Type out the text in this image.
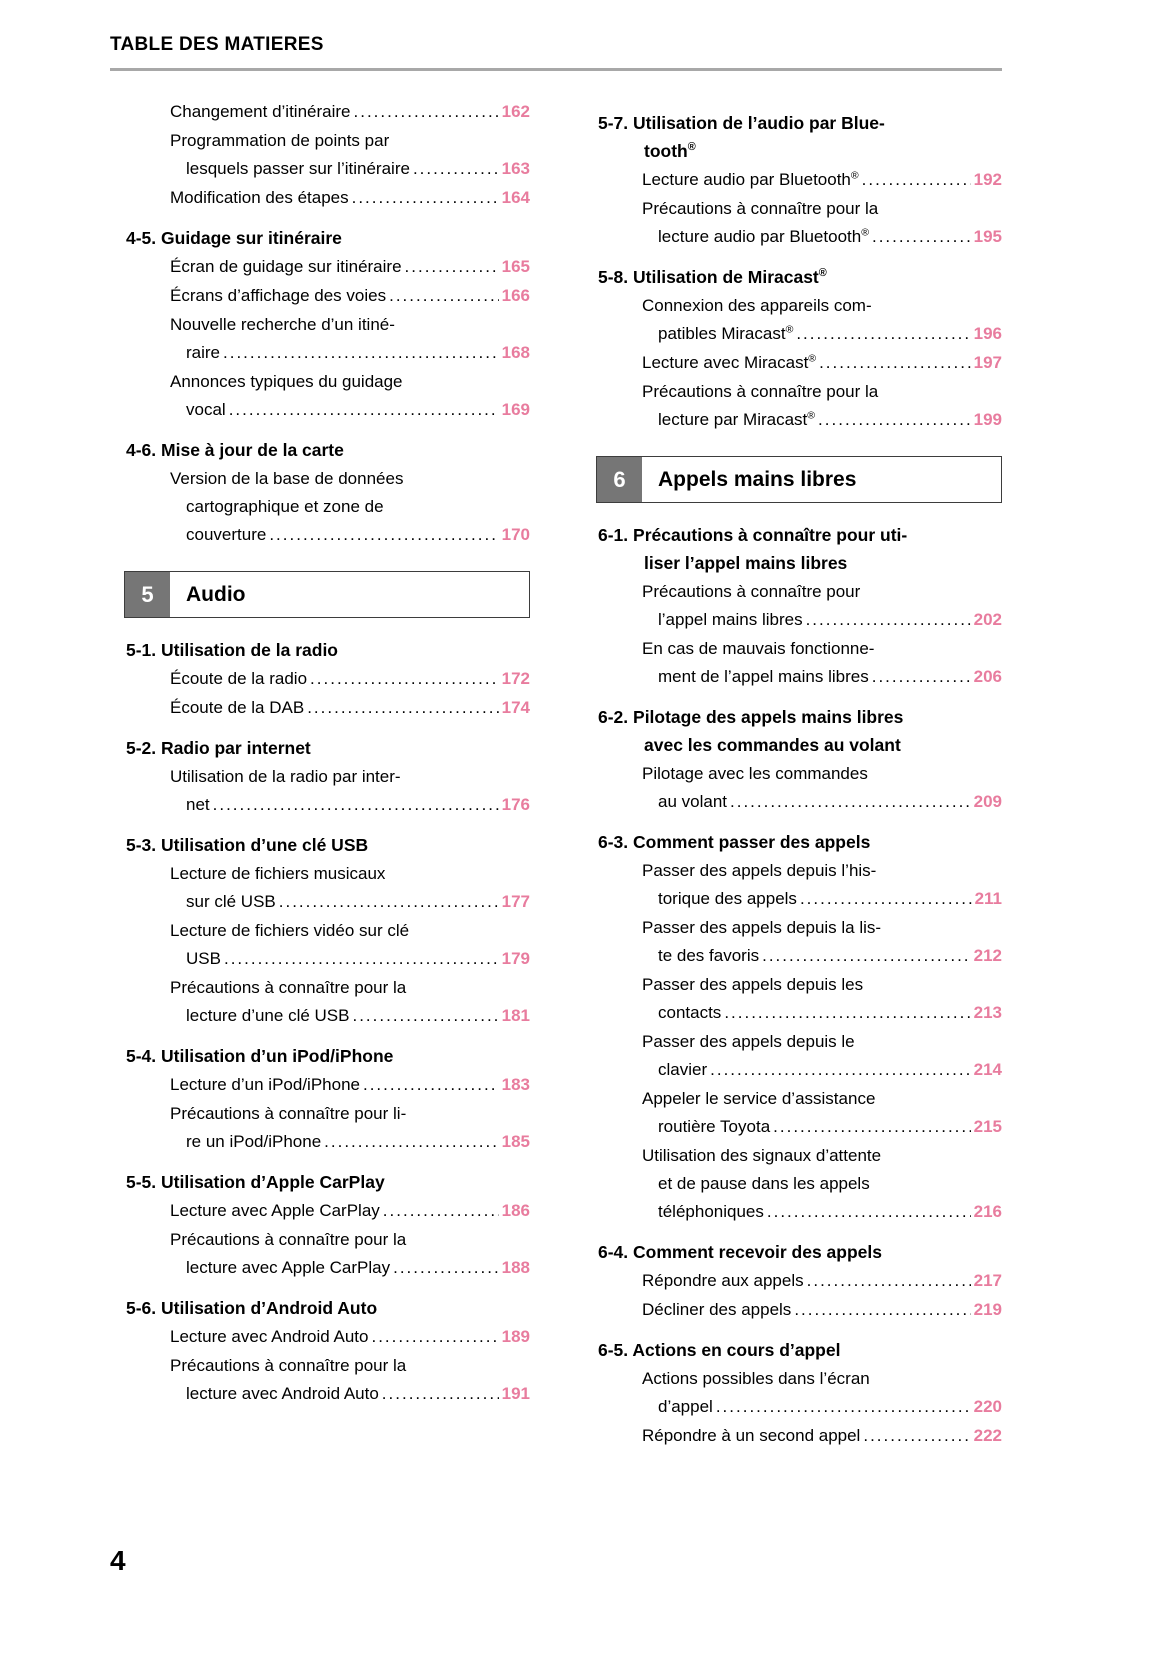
TABLE DES MATIERES
Changement d’itinéraire .....	162
Programmation de points par
lesquels passer sur l’itinéraire .....	163
Modification des étapes .....	164
4-5. Guidage sur itinéraire
Écran de guidage sur itinéraire .....	165
Écrans d’affichage des voies .....	166
Nouvelle recherche d’un itiné-
raire .....	168
Annonces typiques du guidage
vocal .....	169
4-6. Mise à jour de la carte
Version de la base de données
cartographique et zone de
couverture .....	170
5	Audio
5-1. Utilisation de la radio
Écoute de la radio .....	172
Écoute de la DAB .....	174
5-2. Radio par internet
Utilisation de la radio par inter-
net .....	176
5-3. Utilisation d’une clé USB
Lecture de fichiers musicaux
sur clé USB .....	177
Lecture de fichiers vidéo sur clé
USB .....	179
Précautions à connaître pour la
lecture d’une clé USB .....	181
5-4. Utilisation d’un iPod/iPhone
Lecture d’un iPod/iPhone .....	183
Précautions à connaître pour li-
re un iPod/iPhone .....	185
5-5. Utilisation d’Apple CarPlay
Lecture avec Apple CarPlay .....	186
Précautions à connaître pour la
lecture avec Apple CarPlay .....	188
5-6. Utilisation d’Android Auto
Lecture avec Android Auto .....	189
Précautions à connaître pour la
lecture avec Android Auto .....	191
5-7. Utilisation de l’audio par Blue-
tooth®
Lecture audio par Bluetooth® .....	192
Précautions à connaître pour la
lecture audio par Bluetooth® .....	195
5-8. Utilisation de Miracast®
Connexion des appareils com-
patibles Miracast® .....	196
Lecture avec Miracast® .....	197
Précautions à connaître pour la
lecture par Miracast® .....	199
6	Appels mains libres
6-1. Précautions à connaître pour uti-
liser l’appel mains libres
Précautions à connaître pour
l’appel mains libres .....	202
En cas de mauvais fonctionne-
ment de l’appel mains libres .....	206
6-2. Pilotage des appels mains libres
avec les commandes au volant
Pilotage avec les commandes
au volant .....	209
6-3. Comment passer des appels
Passer des appels depuis l’his-
torique des appels .....	211
Passer des appels depuis la lis-
te des favoris .....	212
Passer des appels depuis les
contacts .....	213
Passer des appels depuis le
clavier .....	214
Appeler le service d’assistance
routière Toyota .....	215
Utilisation des signaux d’attente
et de pause dans les appels
téléphoniques .....	216
6-4. Comment recevoir des appels
Répondre aux appels .....	217
Décliner des appels .....	219
6-5. Actions en cours d’appel
Actions possibles dans l’écran
d’appel .....	220
Répondre à un second appel .....	222
4
